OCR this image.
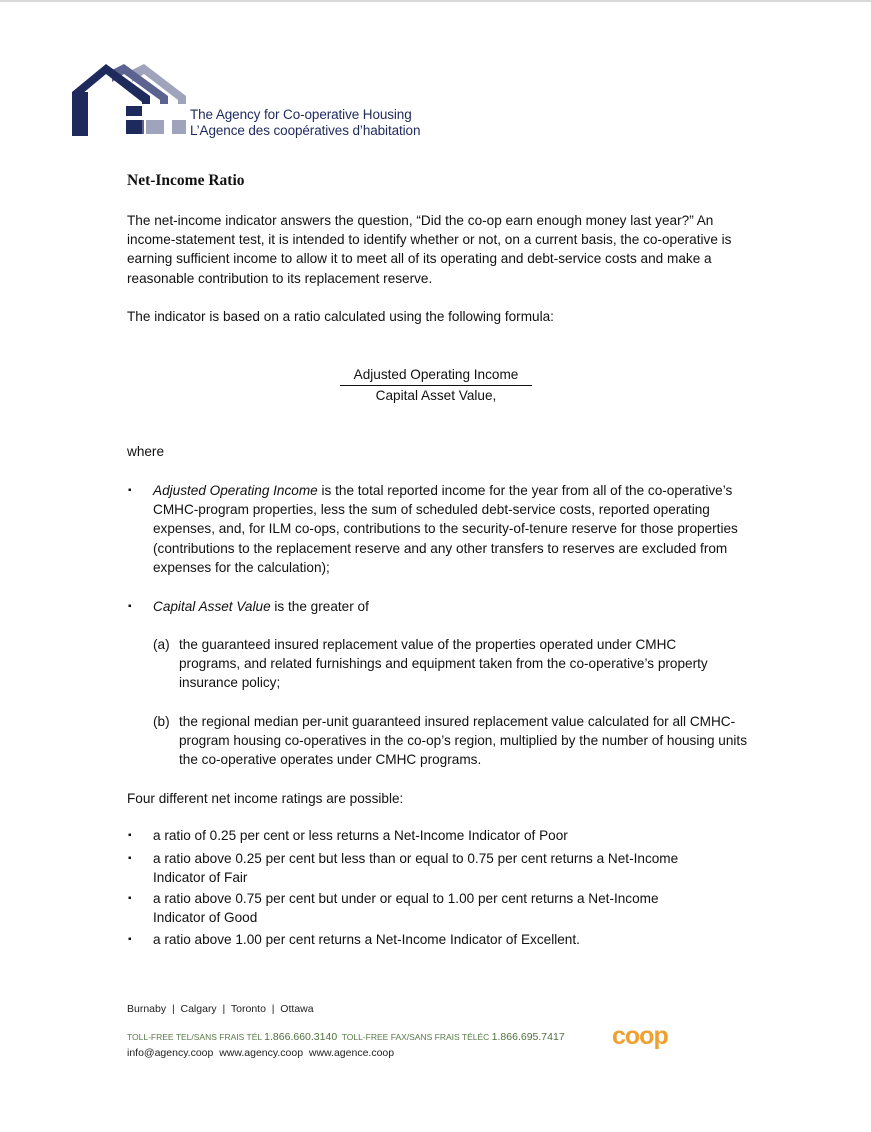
The Agency for Co-operative Housing
L’Agence des coopératives d’habitation
Net-Income Ratio
The net-income indicator answers the question, “Did the co-op earn enough money last year?” An income-statement test, it is intended to identify whether or not, on a current basis, the co-operative is earning sufficient income to allow it to meet all of its operating and debt-service costs and make a reasonable contribution to its replacement reserve.
The indicator is based on a ratio calculated using the following formula:
Adjusted Operating Income
Capital Asset Value,
where
▪ Adjusted Operating Income is the total reported income for the year from all of the co-operative’s CMHC-program properties, less the sum of scheduled debt-service costs, reported operating expenses, and, for ILM co-ops, contributions to the security-of-tenure reserve for those properties (contributions to the replacement reserve and any other transfers to reserves are excluded from expenses for the calculation);
▪ Capital Asset Value is the greater of
(a) the guaranteed insured replacement value of the properties operated under CMHC programs, and related furnishings and equipment taken from the co-operative’s property insurance policy;
(b) the regional median per-unit guaranteed insured replacement value calculated for all CMHC-program housing co-operatives in the co-op’s region, multiplied by the number of housing units the co-operative operates under CMHC programs.
Four different net income ratings are possible:
▪ a ratio of 0.25 per cent or less returns a Net-Income Indicator of Poor
▪ a ratio above 0.25 per cent but less than or equal to 0.75 per cent returns a Net-Income Indicator of Fair
▪ a ratio above 0.75 per cent but under or equal to 1.00 per cent returns a Net-Income Indicator of Good
▪ a ratio above 1.00 per cent returns a Net-Income Indicator of Excellent.
Burnaby  |  Calgary  |  Toronto  |  Ottawa
TOLL-FREE TEL/SANS FRAIS TÉL 1.866.660.3140 TOLL-FREE FAX/SANS FRAIS TÉLÉC 1.866.695.7417
info@agency.coop  www.agency.coop  www.agence.coop
coop
